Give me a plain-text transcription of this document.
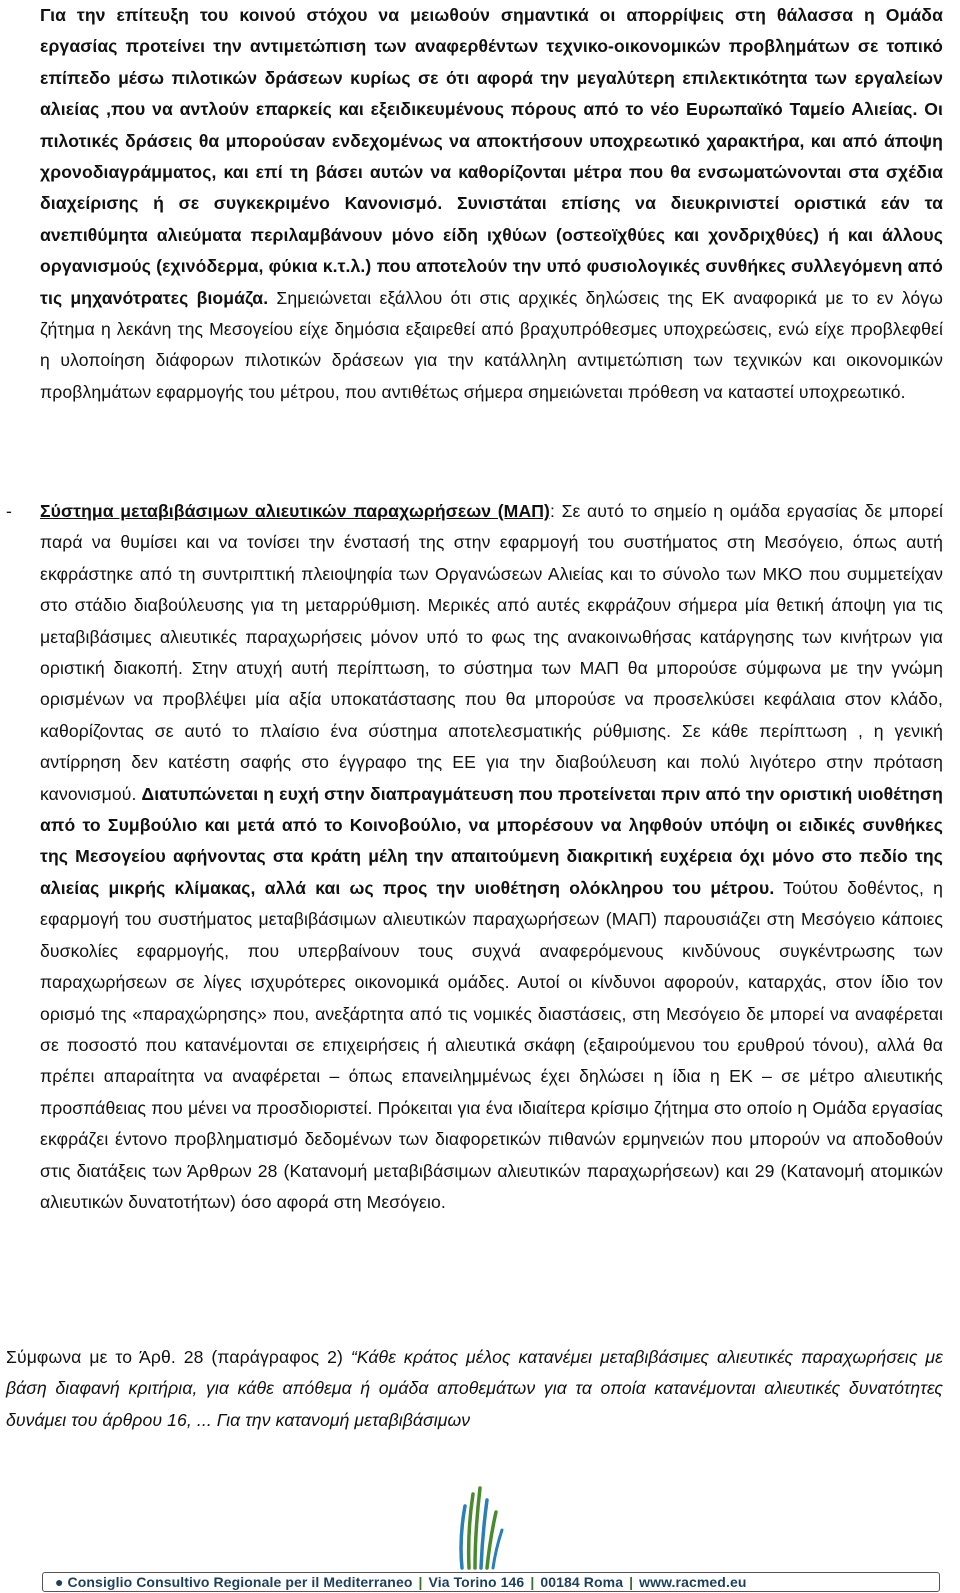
Για την επίτευξη του κοινού στόχου να μειωθούν σημαντικά οι απορρίψεις στη θάλασσα η Ομάδα εργασίας προτείνει την αντιμετώπιση των αναφερθέντων τεχνικο-οικονομικών προβλημάτων σε τοπικό επίπεδο μέσω πιλοτικών δράσεων κυρίως σε ότι αφορά την μεγαλύτερη επιλεκτικότητα των εργαλείων αλιείας ,που να αντλούν επαρκείς και εξειδικευμένους πόρους από το νέο Ευρωπαϊκό Ταμείο Αλιείας. Οι πιλοτικές δράσεις θα μπορούσαν ενδεχομένως να αποκτήσουν υποχρεωτικό χαρακτήρα, και από άποψη χρονοδιαγράμματος, και επί τη βάσει αυτών να καθορίζονται μέτρα που θα ενσωματώνονται στα σχέδια διαχείρισης ή σε συγκεκριμένο Κανονισμό. Συνιστάται επίσης να διευκρινιστεί οριστικά εάν τα ανεπιθύμητα αλιεύματα περιλαμβάνουν μόνο είδη ιχθύων (οστεοϊχθύες και χονδριχθύες) ή και άλλους οργανισμούς (εχινόδερμα, φύκια κ.τ.λ.) που αποτελούν την υπό φυσιολογικές συνθήκες συλλεγόμενη από τις μηχανότρατες βιομάζα. Σημειώνεται εξάλλου ότι στις αρχικές δηλώσεις της ΕΚ αναφορικά με το εν λόγω ζήτημα η λεκάνη της Μεσογείου είχε δημόσια εξαιρεθεί από βραχυπρόθεσμες υποχρεώσεις, ενώ είχε προβλεφθεί η υλοποίηση διάφορων πιλοτικών δράσεων για την κατάλληλη αντιμετώπιση των τεχνικών και οικονομικών προβλημάτων εφαρμογής του μέτρου, που αντιθέτως σήμερα σημειώνεται πρόθεση να καταστεί υποχρεωτικό.

-	Σύστημα μεταβιβάσιμων αλιευτικών παραχωρήσεων (ΜΑΠ): Σε αυτό το σημείο η ομάδα εργασίας δε μπορεί παρά να θυμίσει και να τονίσει την ένστασή της στην εφαρμογή του συστήματος στη Μεσόγειο, όπως αυτή εκφράστηκε από τη συντριπτική πλειοψηφία των Οργανώσεων Αλιείας και το σύνολο των ΜΚΟ που συμμετείχαν στο στάδιο διαβούλευσης για τη μεταρρύθμιση. Μερικές από αυτές εκφράζουν σήμερα μία θετική άποψη για τις μεταβιβάσιμες αλιευτικές παραχωρήσεις μόνον υπό το φως της ανακοινωθήσας κατάργησης των κινήτρων για οριστική διακοπή. Στην ατυχή αυτή περίπτωση, το σύστημα των ΜΑΠ θα μπορούσε σύμφωνα με την γνώμη ορισμένων να προβλέψει μία αξία υποκατάστασης που θα μπορούσε να προσελκύσει κεφάλαια στον κλάδο, καθορίζοντας σε αυτό το πλαίσιο ένα σύστημα αποτελεσματικής ρύθμισης. Σε κάθε περίπτωση , η γενική αντίρρηση δεν κατέστη σαφής στο έγγραφο της ΕΕ για την διαβούλευση και πολύ λιγότερο στην πρόταση κανονισμού. Διατυπώνεται η ευχή στην διαπραγμάτευση που προτείνεται πριν από την οριστική υιοθέτηση από το Συμβούλιο και μετά από το Κοινοβούλιο, να μπορέσουν να ληφθούν υπόψη οι ειδικές συνθήκες της Μεσογείου αφήνοντας στα κράτη μέλη την απαιτούμενη διακριτική ευχέρεια όχι μόνο στο πεδίο της αλιείας μικρής κλίμακας, αλλά και ως προς την υιοθέτηση ολόκληρου του μέτρου. Τούτου δοθέντος, η εφαρμογή του συστήματος μεταβιβάσιμων αλιευτικών παραχωρήσεων (ΜΑΠ) παρουσιάζει στη Μεσόγειο κάποιες δυσκολίες εφαρμογής, που υπερβαίνουν τους συχνά αναφερόμενους κινδύνους συγκέντρωσης των παραχωρήσεων σε λίγες ισχυρότερες οικονομικά ομάδες. Αυτοί οι κίνδυνοι αφορούν, καταρχάς, στον ίδιο τον ορισμό της «παραχώρησης» που, ανεξάρτητα από τις νομικές διαστάσεις, στη Μεσόγειο δε μπορεί να αναφέρεται σε ποσοστό που κατανέμονται σε επιχειρήσεις ή αλιευτικά σκάφη (εξαιρούμενου του ερυθρού τόνου), αλλά θα πρέπει απαραίτητα να αναφέρεται – όπως επανειλημμένως έχει δηλώσει η ίδια η ΕΚ – σε μέτρο αλιευτικής προσπάθειας που μένει να προσδιοριστεί. Πρόκειται για ένα ιδιαίτερα κρίσιμο ζήτημα στο οποίο η Ομάδα εργασίας εκφράζει έντονο προβληματισμό δεδομένων των διαφορετικών πιθανών ερμηνειών που μπορούν να αποδοθούν στις διατάξεις των Άρθρων 28 (Κατανομή μεταβιβάσιμων αλιευτικών παραχωρήσεων) και 29 (Κατανομή ατομικών αλιευτικών δυνατοτήτων) όσο αφορά στη Μεσόγειο.

Σύμφωνα με το Άρθ. 28 (παράγραφος 2) “Κάθε κράτος μέλος κατανέμει μεταβιβάσιμες αλιευτικές παραχωρήσεις με βάση διαφανή κριτήρια, για κάθε απόθεμα ή ομάδα αποθεμάτων για τα οποία κατανέμονται αλιευτικές δυνατότητες δυνάμει του άρθρου 16, ... Για την κατανομή μεταβιβάσιμων

● Consiglio Consultivo Regionale per il Mediterraneo | Via Torino 146 | 00184 Roma | www.racmed.eu
